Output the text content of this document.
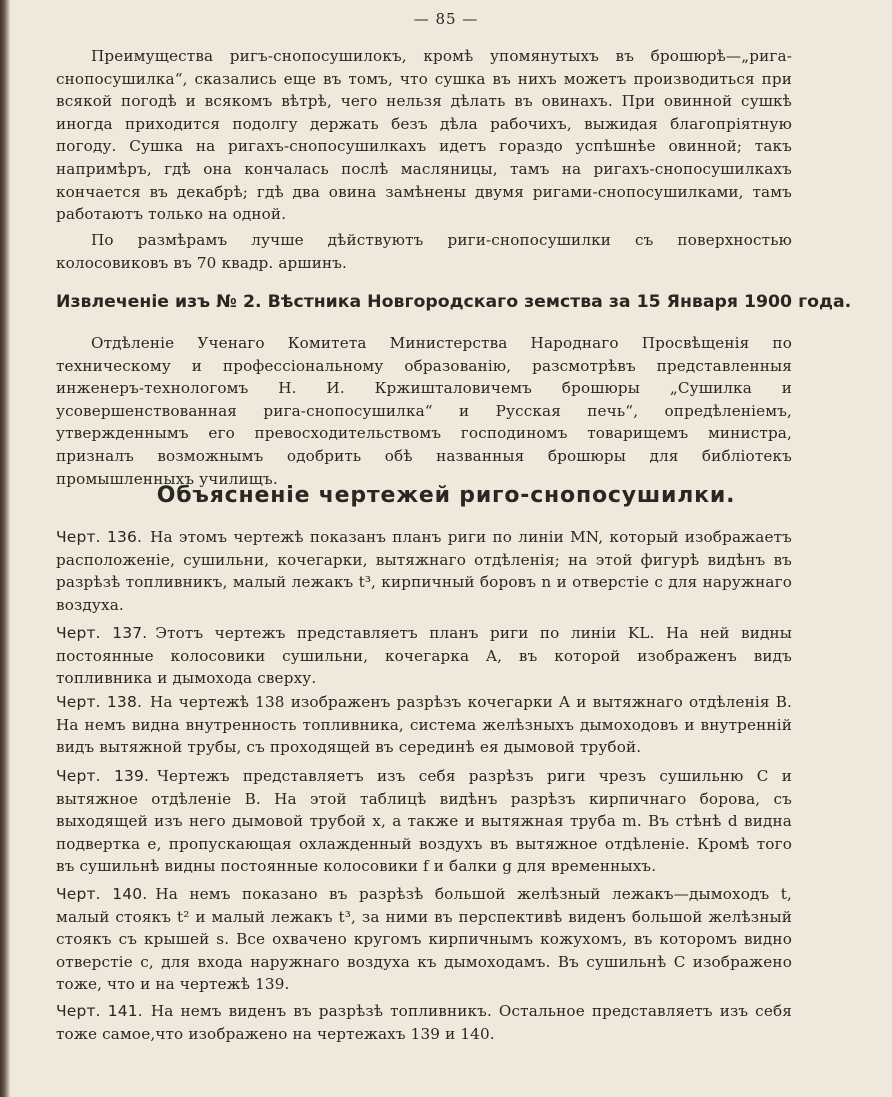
— 85 —

Преимущества ригъ-снопосушилокъ, кромѣ упомянутыхъ въ брошюрѣ—„рига-снопосушилка“, сказались еще въ томъ, что сушка въ нихъ можетъ производиться при всякой погодѣ и всякомъ вѣтрѣ, чего нельзя дѣлать въ овинахъ. При овинной сушкѣ иногда приходится подолгу держать безъ дѣла рабочихъ, выжидая благопріятную погоду. Сушка на ригахъ-снопосушилкахъ идетъ гораздо успѣшнѣе овинной; такъ напримѣръ, гдѣ она кончалась послѣ масляницы, тамъ на ригахъ-снопосушилкахъ кончается въ декабрѣ; гдѣ два овина замѣнены двумя ригами-снопосушилками, тамъ работаютъ только на одной.

По размѣрамъ лучше дѣйствуютъ риги-снопосушилки съ поверхностью колосовиковъ въ 70 квадр. аршинъ.

Извлеченіе изъ № 2. Вѣстника Новгородскаго земства за 15 Января 1900 года.

Отдѣленіе Ученаго Комитета Министерства Народнаго Просвѣщенія по техническому и профессіональному образованію, разсмотрѣвъ представленныя инженеръ-технологомъ Н. И. Кржишталовичемъ брошюры „Сушилка и усовершенствованная рига-снопосушилка“ и Русская печь“, опредѣленіемъ, утвержденнымъ его превосходительствомъ господиномъ товарищемъ министра, призналъ возможнымъ одобрить обѣ названныя брошюры для библіотекъ промышленныхъ училищъ.

Объясненіе чертежей риго-снопосушилки.

Черт. 136. На этомъ чертежѣ показанъ планъ риги по линіи MN, который изображаетъ расположеніе, сушильни, кочегарки, вытяжнаго отдѣленія; на этой фигурѣ видѣнъ въ разрѣзѣ топливникъ, малый лежакъ t³, кирпичный боровъ n и отверстіе c для наружнаго воздуха.

Черт. 137. Этотъ чертежъ представляетъ планъ риги по линіи KL. На ней видны постоянные колосовики сушильни, кочегарка A, въ которой изображенъ видъ топливника и дымохода сверху.

Черт. 138. На чертежѣ 138 изображенъ разрѣзъ кочегарки A и вытяжнаго отдѣленія B. На немъ видна внутренность топливника, система желѣзныхъ дымоходовъ и внутренній видъ вытяжной трубы, съ проходящей въ серединѣ ея дымовой трубой.

Черт. 139. Чертежъ представляетъ изъ себя разрѣзъ риги чрезъ сушильню C и вытяжное отдѣленіе B. На этой таблицѣ видѣнъ разрѣзъ кирпичнаго борова, съ выходящей изъ него дымовой трубой x, а также и вытяжная труба m. Въ стѣнѣ d видна подвертка e, пропускающая охлажденный воздухъ въ вытяжное отдѣленіе. Кромѣ того въ сушильнѣ видны постоянные колосовики f и балки g для временныхъ.

Черт. 140. На немъ показано въ разрѣзѣ большой желѣзный лежакъ—дымоходъ t, малый стоякъ t² и малый лежакъ t³, за ними въ перспективѣ виденъ большой желѣзный стоякъ съ крышей s. Все охвачено кругомъ кирпичнымъ кожухомъ, въ которомъ видно отверстіе c, для входа наружнаго воздуха къ дымоходамъ. Въ сушильнѣ C изображено тоже, что и на чертежѣ 139.

Черт. 141. На немъ виденъ въ разрѣзѣ топливникъ. Остальное представляетъ изъ себя тоже самое,что изображено на чертежахъ 139 и 140.
